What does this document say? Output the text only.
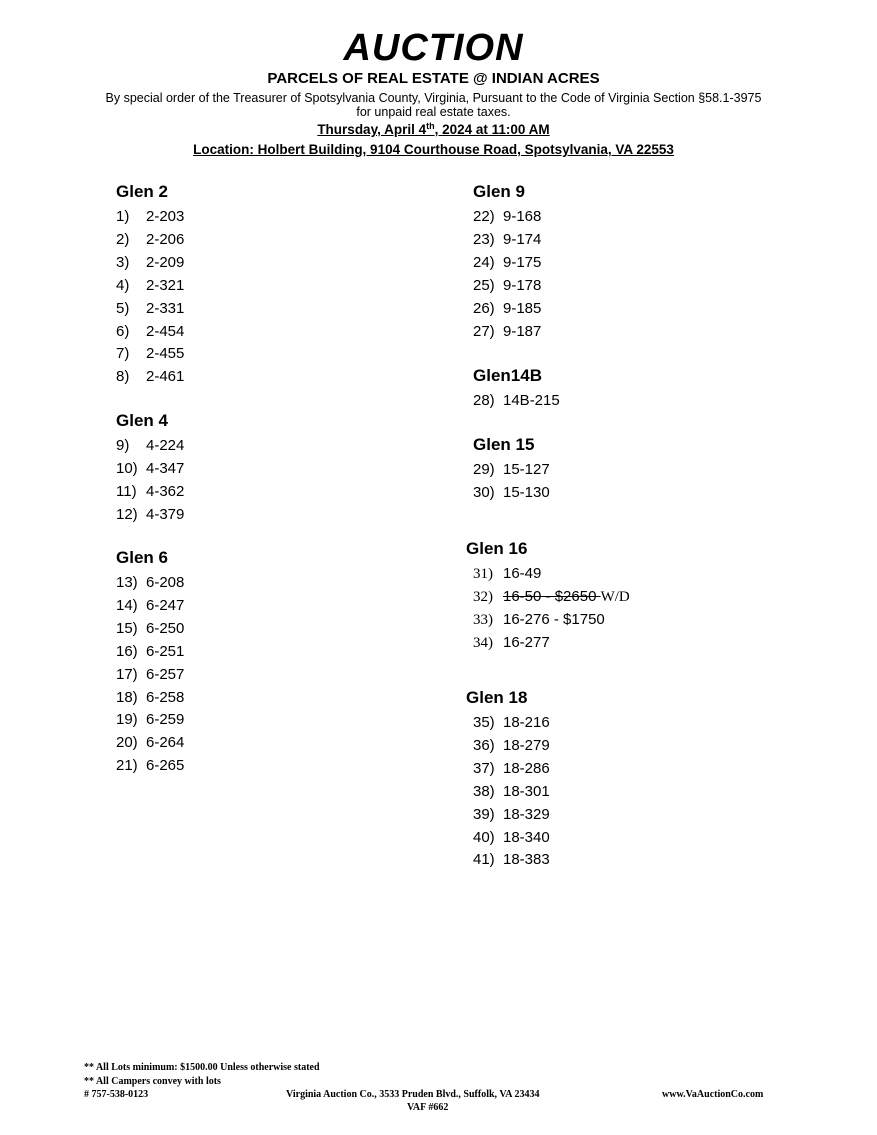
AUCTION
PARCELS OF REAL ESTATE @ INDIAN ACRES
By special order of the Treasurer of Spotsylvania County, Virginia, Pursuant to the Code of Virginia Section §58.1-3975
for unpaid real estate taxes.
Thursday, April 4th, 2024 at 11:00 AM
Location: Holbert Building, 9104 Courthouse Road, Spotsylvania, VA 22553
Glen 2
1) 2-203
2) 2-206
3) 2-209
4) 2-321
5) 2-331
6) 2-454
7) 2-455
8) 2-461
Glen 4
9) 4-224
10) 4-347
11) 4-362
12) 4-379
Glen 6
13) 6-208
14) 6-247
15) 6-250
16) 6-251
17) 6-257
18) 6-258
19) 6-259
20) 6-264
21) 6-265
Glen 9
22) 9-168
23) 9-174
24) 9-175
25) 9-178
26) 9-185
27) 9-187
Glen14B
28) 14B-215
Glen 15
29) 15-127
30) 15-130
Glen 16
31) 16-49
32) 16-50 - $2650 W/D
33) 16-276 - $1750
34) 16-277
Glen 18
35) 18-216
36) 18-279
37) 18-286
38) 18-301
39) 18-329
40) 18-340
41) 18-383
** All Lots minimum: $1500.00 Unless otherwise stated
** All Campers convey with lots
# 757-538-0123	Virginia Auction Co., 3533 Pruden Blvd., Suffolk, VA 23434	www.VaAuctionCo.com
VAF #662
